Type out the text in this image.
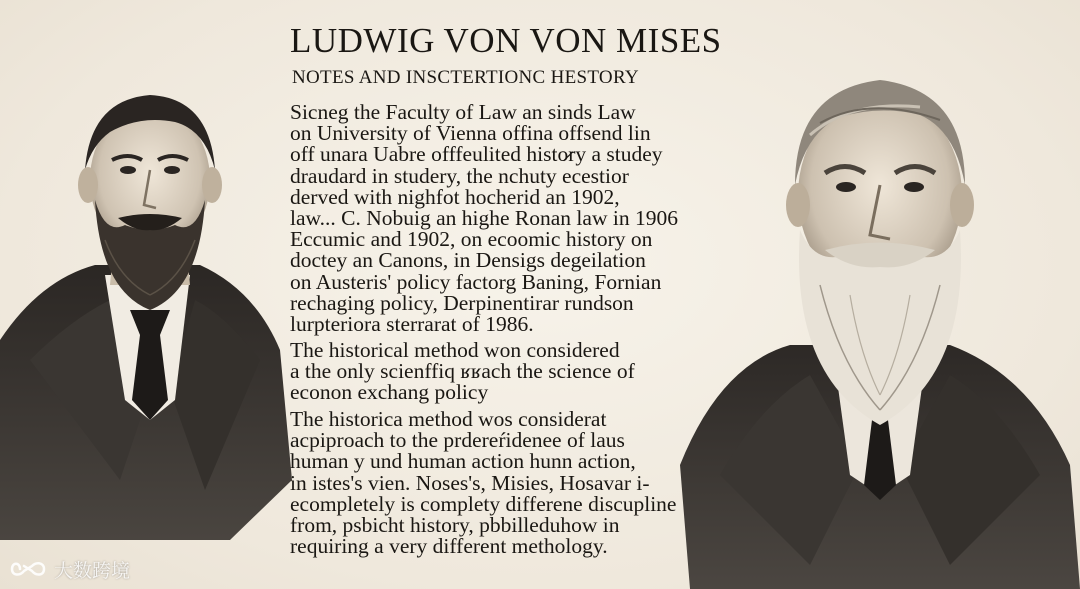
LUDWIG VON VON MISES
NOTES AND INSCTERTIONC HESTORY
Sicneg the Faculty of Law an sinds Law
on University of Vienna offina offsend lin
off unara Uabre offfeulited histo̷ry a studey
draudard in studery, the nchuty ecestior
derved with nighfot hocherid an 1902,
law... C. Nobuig an highe Ronan law in 1906
Eccumic and 1902, on ecoomic history on
doctey an Canons, in Densigs degeilation
on Austeris' policy factorg Baning, Fornian
rechaging policy, Derpinentirar rundson
lurpteriora sterrarat of 1986.
The historical method won considered
a the only scienffiq ʁʁach the science of
econon exchang policy
The historica method wos considerat
acpiproach to the prdereŕidenee of laus
human y und human action hunn action,
in istes's vien. Noses's, Misies, Hosavar i-
ecompletely is complety differene discupline
from, psbicht history, pbbilleduhow in
requiring a very different methology.
大数跨境
